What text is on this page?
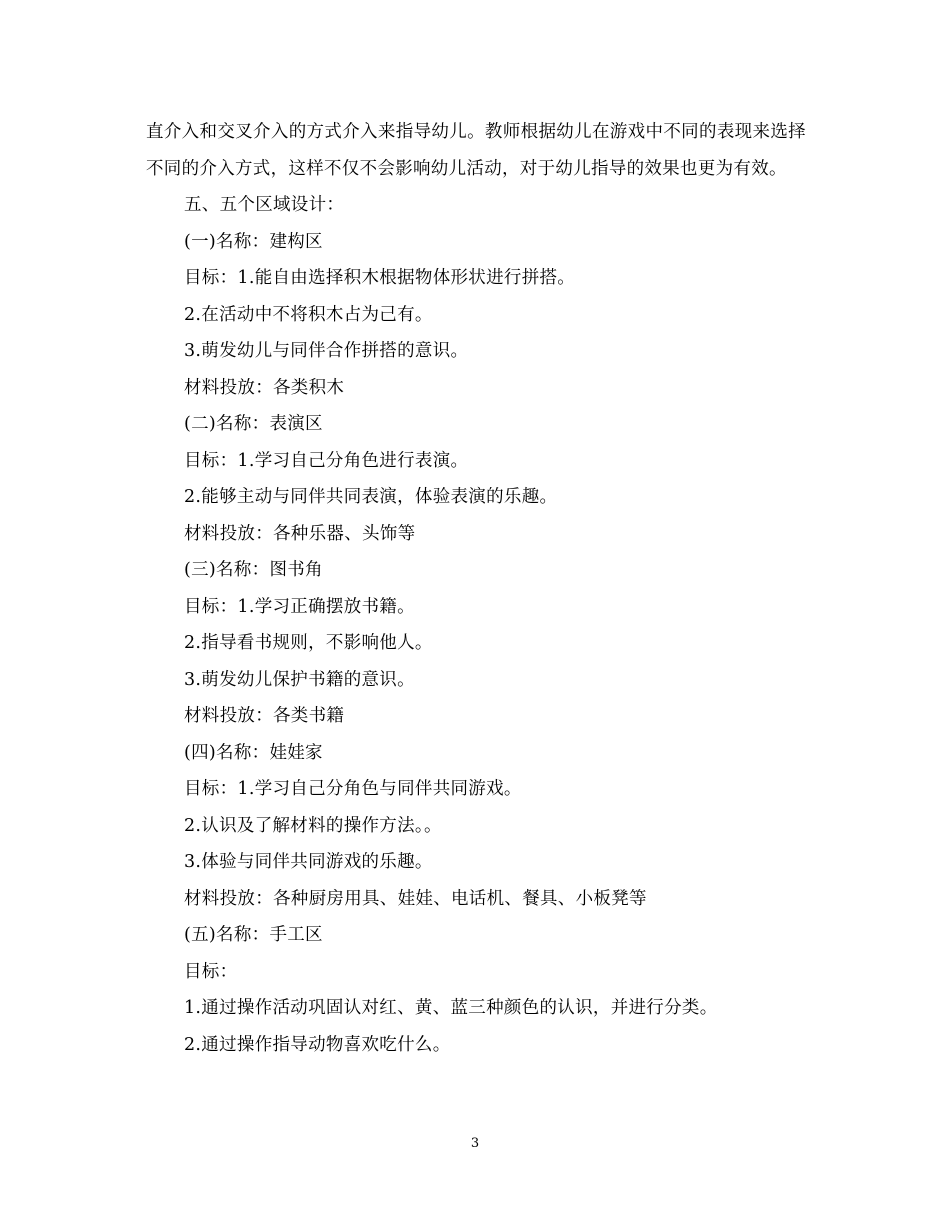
直介入和交叉介入的方式介入来指导幼儿。教师根据幼儿在游戏中不同的表现来选择不同的介入方式，这样不仅不会影响幼儿活动，对于幼儿指导的效果也更为有效。

五、五个区域设计：

(一)名称：建构区

目标：1.能自由选择积木根据物体形状进行拼搭。

2.在活动中不将积木占为己有。

3.萌发幼儿与同伴合作拼搭的意识。

材料投放：各类积木

(二)名称：表演区

目标：1.学习自己分角色进行表演。

2.能够主动与同伴共同表演，体验表演的乐趣。

材料投放：各种乐器、头饰等

(三)名称：图书角

目标：1.学习正确摆放书籍。

2.指导看书规则，不影响他人。

3.萌发幼儿保护书籍的意识。

材料投放：各类书籍

(四)名称：娃娃家

目标：1.学习自己分角色与同伴共同游戏。

2.认识及了解材料的操作方法。。

3.体验与同伴共同游戏的乐趣。

材料投放：各种厨房用具、娃娃、电话机、餐具、小板凳等

(五)名称：手工区

目标：

1.通过操作活动巩固认对红、黄、蓝三种颜色的认识，并进行分类。

2.通过操作指导动物喜欢吃什么。

3
